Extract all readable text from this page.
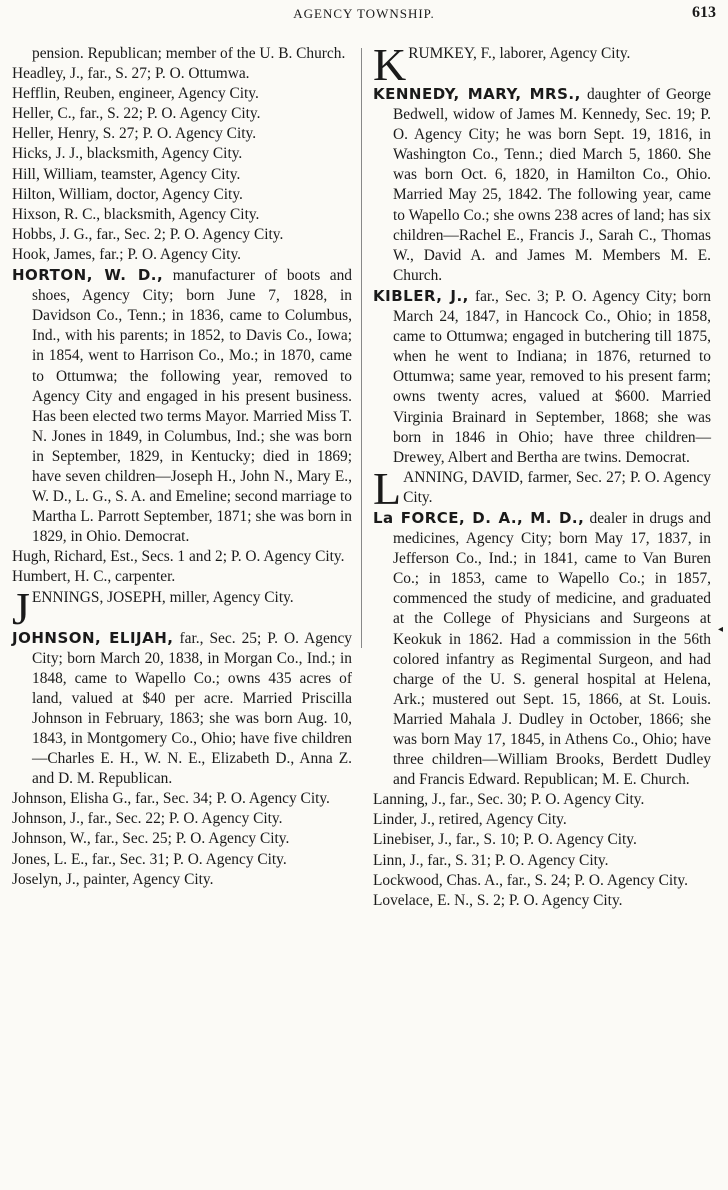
AGENCY TOWNSHIP.	613

pension. Republican; member of the U. B. Church.

Headley, J., far., S. 27; P. O. Ottumwa.

Hefflin, Reuben, engineer, Agency City.

Heller, C., far., S. 22; P. O. Agency City.

Heller, Henry, S. 27; P. O. Agency City.

Hicks, J. J., blacksmith, Agency City.

Hill, William, teamster, Agency City.

Hilton, William, doctor, Agency City.

Hixson, R. C., blacksmith, Agency City.

Hobbs, J. G., far., Sec. 2; P. O. Agency City.

Hook, James, far.; P. O. Agency City.

HORTON, W. D., manufacturer of boots and shoes, Agency City; born June 7, 1828, in Davidson Co., Tenn.; in 1836, came to Columbus, Ind., with his parents; in 1852, to Davis Co., Iowa; in 1854, went to Harrison Co., Mo.; in 1870, came to Ottumwa; the following year, removed to Agency City and engaged in his present business. Has been elected two terms Mayor. Married Miss T. N. Jones in 1849, in Columbus, Ind.; she was born in September, 1829, in Kentucky; died in 1869; have seven children—Joseph H., John N., Mary E., W. D., L. G., S. A. and Emeline; second marriage to Martha L. Parrott September, 1871; she was born in 1829, in Ohio. Democrat.

Hugh, Richard, Est., Secs. 1 and 2; P. O. Agency City.

Humbert, H. C., carpenter.

JENNINGS, JOSEPH, miller, Agency City.

JOHNSON, ELIJAH, far., Sec. 25; P. O. Agency City; born March 20, 1838, in Morgan Co., Ind.; in 1848, came to Wapello Co.; owns 435 acres of land, valued at $40 per acre. Married Priscilla Johnson in February, 1863; she was born Aug. 10, 1843, in Montgomery Co., Ohio; have five children—Charles E. H., W. N. E., Elizabeth D., Anna Z. and D. M. Republican.

Johnson, Elisha G., far., Sec. 34; P. O. Agency City.

Johnson, J., far., Sec. 22; P. O. Agency City.

Johnson, W., far., Sec. 25; P. O. Agency City.

Jones, L. E., far., Sec. 31; P. O. Agency City.

Joselyn, J., painter, Agency City.

KRUMKEY, F., laborer, Agency City.

KENNEDY, MARY, MRS., daughter of George Bedwell, widow of James M. Kennedy, Sec. 19; P. O. Agency City; he was born Sept. 19, 1816, in Washington Co., Tenn.; died March 5, 1860. She was born Oct. 6, 1820, in Hamilton Co., Ohio. Married May 25, 1842. The following year, came to Wapello Co.; she owns 238 acres of land; has six children—Rachel E., Francis J., Sarah C., Thomas W., David A. and James M. Members M. E. Church.

KIBLER, J., far., Sec. 3; P. O. Agency City; born March 24, 1847, in Hancock Co., Ohio; in 1858, came to Ottumwa; engaged in butchering till 1875, when he went to Indiana; in 1876, returned to Ottumwa; same year, removed to his present farm; owns twenty acres, valued at $600. Married Virginia Brainard in September, 1868; she was born in 1846 in Ohio; have three children—Drewey, Albert and Bertha are twins. Democrat.

LANNING, DAVID, farmer, Sec. 27; P. O. Agency City.

La FORCE, D. A., M. D., dealer in drugs and medicines, Agency City; born May 17, 1837, in Jefferson Co., Ind.; in 1841, came to Van Buren Co.; in 1853, came to Wapello Co.; in 1857, commenced the study of medicine, and graduated at the College of Physicians and Surgeons at Keokuk in 1862. Had a commission in the 56th colored infantry as Regimental Surgeon, and had charge of the U. S. general hospital at Helena, Ark.; mustered out Sept. 15, 1866, at St. Louis. Married Mahala J. Dudley in October, 1866; she was born May 17, 1845, in Athens Co., Ohio; have three children—William Brooks, Berdett Dudley and Francis Edward. Republican; M. E. Church.

Lanning, J., far., Sec. 30; P. O. Agency City.

Linder, J., retired, Agency City.

Linebiser, J., far., S. 10; P. O. Agency City.

Linn, J., far., S. 31; P. O. Agency City.

Lockwood, Chas. A., far., S. 24; P. O. Agency City.

Lovelace, E. N., S. 2; P. O. Agency City.

◂
